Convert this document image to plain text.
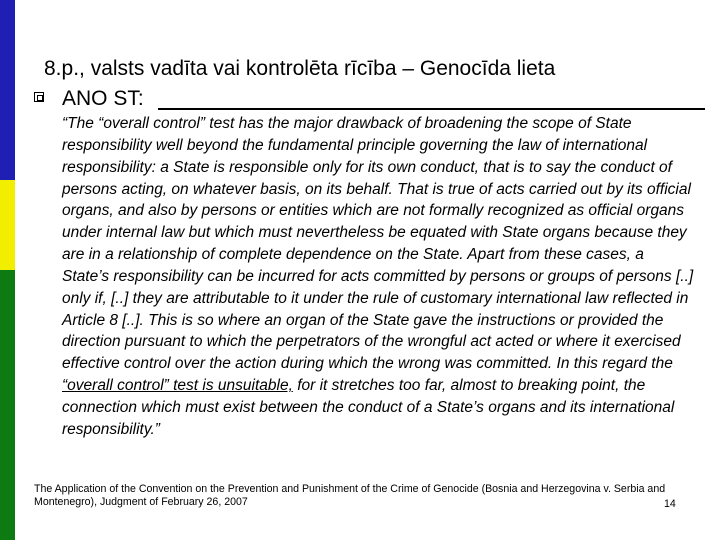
8.p., valsts vadīta vai kontrolēta rīcība – Genocīda lieta
ANO ST:

“The “overall control” test has the major drawback of broadening the scope of State responsibility well beyond the fundamental principle governing the law of international responsibility: a State is responsible only for its own conduct, that is to say the conduct of persons acting, on whatever basis, on its behalf. That is true of acts carried out by its official organs, and also by persons or entities which are not formally recognized as official organs under internal law but which must nevertheless be equated with State organs because they are in a relationship of complete dependence on the State. Apart from these cases, a State’s responsibility can be incurred for acts committed by persons or groups of persons [..] only if, [..] they are attributable to it under the rule of customary international law reflected in Article 8 [..]. This is so where an organ of the State gave the instructions or provided the direction pursuant to which the perpetrators of the wrongful act acted or where it exercised effective control over the action during which the wrong was committed. In this regard the “overall control” test is unsuitable, for it stretches too far, almost to breaking point, the connection which must exist between the conduct of a State’s organs and its international responsibility.”

The Application of the Convention on the Prevention and Punishment of the Crime of Genocide (Bosnia and Herzegovina v. Serbia and Montenegro), Judgment of February 26, 2007	14
